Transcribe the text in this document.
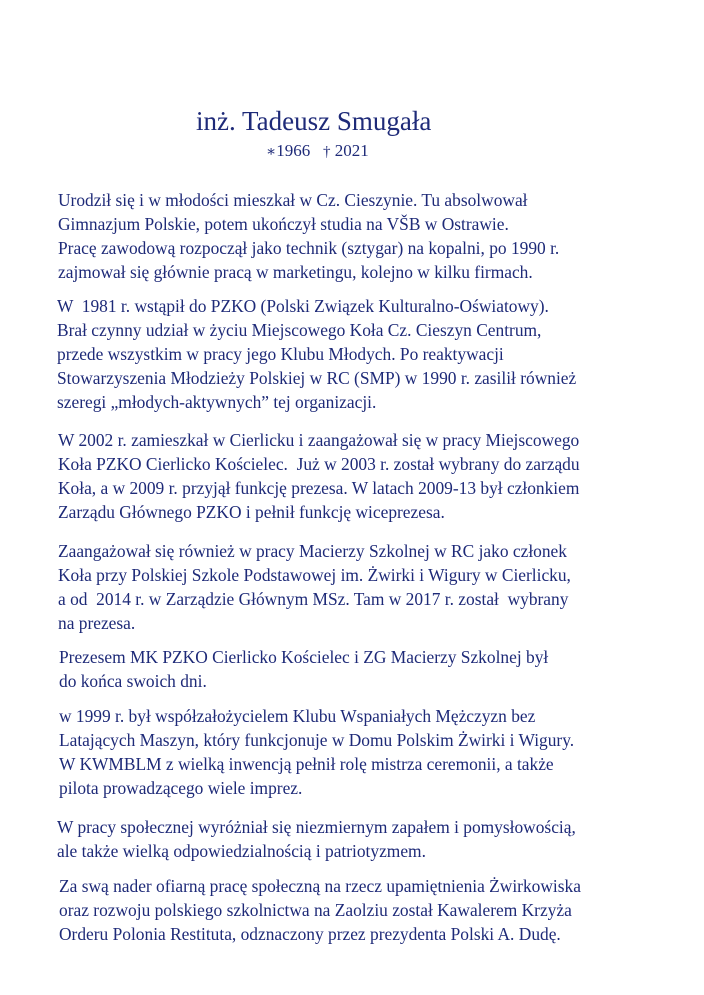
inż. Tadeusz Smugała
∗1966 † 2021
Urodził się i w młodości mieszkał w Cz. Cieszynie. Tu absolwował
Gimnazjum Polskie, potem ukończył studia na VŠB w Ostrawie.
Pracę zawodową rozpoczął jako technik (sztygar) na kopalni, po 1990 r.
zajmował się głównie pracą w marketingu, kolejno w kilku firmach.
W  1981 r. wstąpił do PZKO (Polski Związek Kulturalno-Oświatowy).
Brał czynny udział w życiu Miejscowego Koła Cz. Cieszyn Centrum,
przede wszystkim w pracy jego Klubu Młodych. Po reaktywacji
Stowarzyszenia Młodzieży Polskiej w RC (SMP) w 1990 r. zasilił również
szeregi „młodych-aktywnych” tej organizacji.
W 2002 r. zamieszkał w Cierlicku i zaangażował się w pracy Miejscowego
Koła PZKO Cierlicko Kościelec.  Już w 2003 r. został wybrany do zarządu
Koła, a w 2009 r. przyjął funkcję prezesa. W latach 2009-13 był członkiem
Zarządu Głównego PZKO i pełnił funkcję wiceprezesa.
Zaangażował się również w pracy Macierzy Szkolnej w RC jako członek
Koła przy Polskiej Szkole Podstawowej im. Żwirki i Wigury w Cierlicku,
a od  2014 r. w Zarządzie Głównym MSz. Tam w 2017 r. został  wybrany
na prezesa.
Prezesem MK PZKO Cierlicko Kościelec i ZG Macierzy Szkolnej był
do końca swoich dni.
w 1999 r. był współzałożycielem Klubu Wspaniałych Mężczyzn bez
Latających Maszyn, który funkcjonuje w Domu Polskim Żwirki i Wigury.
W KWMBLM z wielką inwencją pełnił rolę mistrza ceremonii, a także
pilota prowadzącego wiele imprez.
W pracy społecznej wyróżniał się niezmiernym zapałem i pomysłowością,
ale także wielką odpowiedzialnością i patriotyzmem.
Za swą nader ofiarną pracę społeczną na rzecz upamiętnienia Żwirkowiska
oraz rozwoju polskiego szkolnictwa na Zaolziu został Kawalerem Krzyża
Orderu Polonia Restituta, odznaczony przez prezydenta Polski A. Dudę.
